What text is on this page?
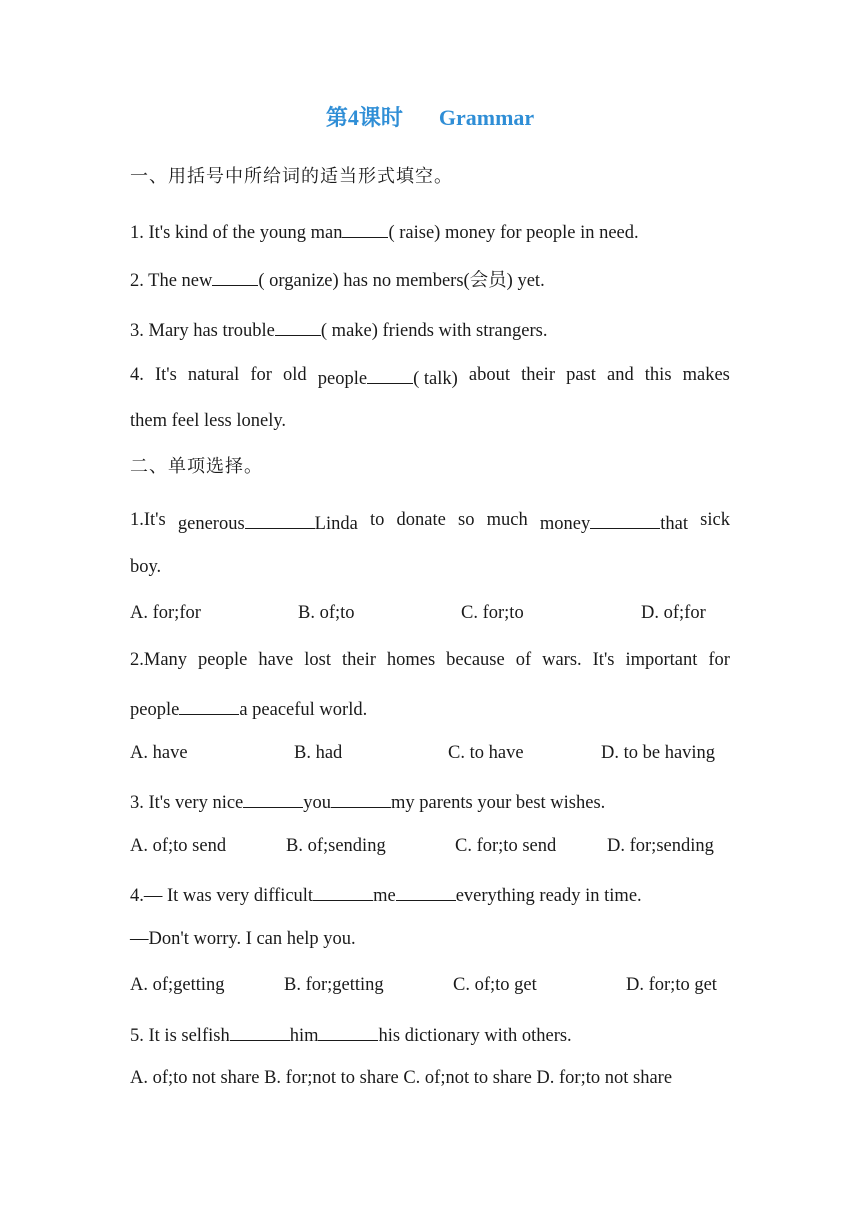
第4课时 Grammar
一、用括号中所给词的适当形式填空。
1. It's kind of the young man ( raise) money for people in need.
2. The new ( organize) has no members(会员) yet.
3. Mary has trouble ( make) friends with strangers.
4. It's natural for old people ( talk) about their past and this makes
them feel less lonely.
二、单项选择。
1.It's generous	Linda to donate so much money	that sick
boy.
A. for;for	B. of;to	C. for;to	D. of;for
2.Many people have lost their homes because of wars. It's important for
people	a peaceful world.
A. have	B. had	C. to have	D. to be having
3. It's very nice	you	my parents your best wishes.
A. of;to send	B. of;sending	C. for;to send	D. for;sending
4.— It was very difficult	me	everything ready in time.
—Don't worry. I can help you.
A. of;getting	B. for;getting	C. of;to get	D. for;to get
5. It is selfish	him	his dictionary with others.
A. of;to not share B. for;not to share C. of;not to share D. for;to not share
